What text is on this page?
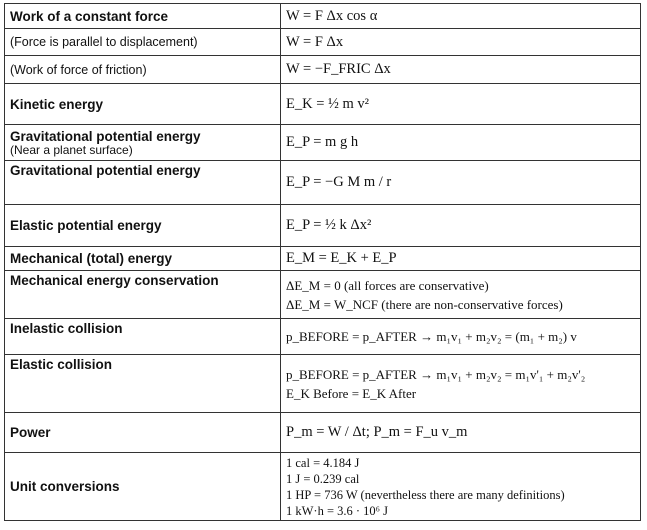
Work of a constant force	W = F Δx cos α
(Force is parallel to displacement)	W = F Δx
(Work of force of friction)	W = −F_FRIC Δx
Kinetic energy	E_K = ½ m v²
Gravitational potential energy
(Near a planet surface)	E_P = m g h
Gravitational potential energy	E_P = −G M m / r
Elastic potential energy	E_P = ½ k Δx²
Mechanical (total) energy	E_M = E_K + E_P
Mechanical energy conservation	ΔE_M = 0 (all forces are conservative)
ΔE_M = W_NCF (there are non-conservative forces)

Inelastic collision	p_BEFORE = p_AFTER → m₁v₁ + m₂v₂ = (m₁ + m₂) v
Elastic collision	p_BEFORE = p_AFTER → m₁v₁ + m₂v₂ = m₁v'₁ + m₂v'₂
E_K Before = E_K After

Power	P_m = W / Δt; P_m = F_u v_m
Unit conversions	1 cal = 4.184 J
1 J = 0.239 cal
1 HP = 736 W (nevertheless there are many definitions)
1 kW·h = 3.6 · 10⁶ J
